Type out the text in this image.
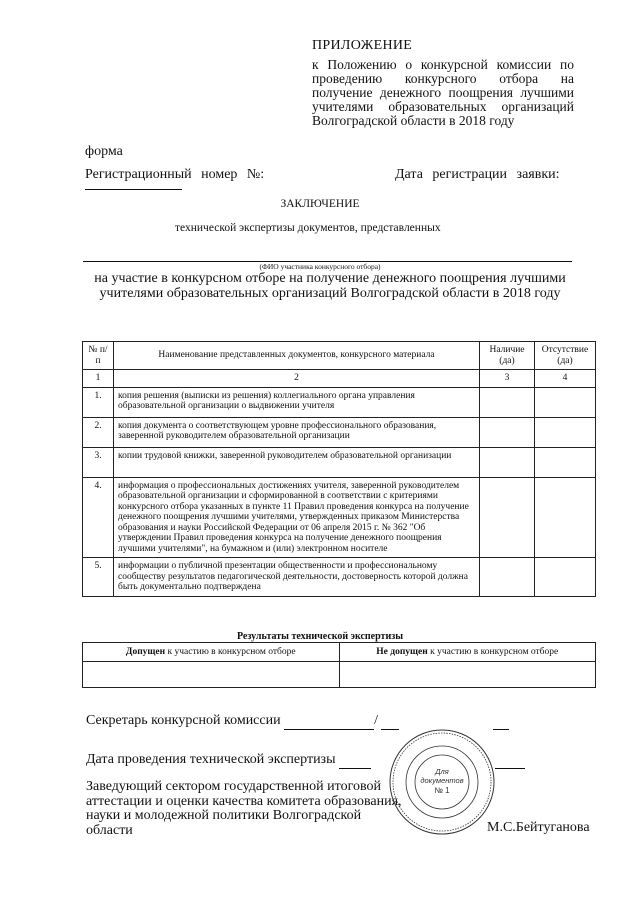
ПРИЛОЖЕНИЕ
к Положению о конкурсной комиссии по проведению конкурсного отбора на получение денежного поощрения лучшими учителями образовательных организаций Волгоградской области в 2018 году
форма
Регистрационный номер №:	Дата регистрации заявки:
ЗАКЛЮЧЕНИЕ
технической экспертизы документов, представленных
(ФИО участника конкурсного отбора)
на участие в конкурсном отборе на получение денежного поощрения лучшими учителями образовательных организаций Волгоградской области в 2018 году
№ п/п	Наименование представленных документов, конкурсного материала	Наличие (да)	Отсутствие (да)
1	2	3	4
1.	копия решения (выписки из решения) коллегиального органа управления образовательной организации о выдвижении учителя		
2.	копия документа о соответствующем уровне профессионального образования, заверенной руководителем образовательной организации		
3.	копии трудовой книжки, заверенной руководителем образовательной организации		
4.	информация о профессиональных достижениях учителя, заверенной руководителем образовательной организации и сформированной в соответствии с критериями конкурсного отбора указанных в пункте 11 Правил проведения конкурса на получение денежного поощрения лучшими учителями, утвержденных приказом Министерства образования и науки Российской Федерации от 06 апреля 2015 г. № 362 "Об утверждении Правил проведения конкурса на получение денежного поощрения лучшими учителями", на бумажном и (или) электронном носителе		
5.	информации о публичной презентации общественности и профессиональному сообществу результатов педагогической деятельности, достоверность которой должна быть документально подтверждена		
Результаты технической экспертизы
Допущен к участию в конкурсном отборе	Не допущен к участию в конкурсном отборе

Секретарь конкурсной комиссии	/
Дата проведения технической экспертизы
Заведующий сектором государственной итоговой аттестации и оценки качества комитета образования, науки и молодежной политики Волгоградской области	М.С.Бейтуганова
Для
документов
№ 1
